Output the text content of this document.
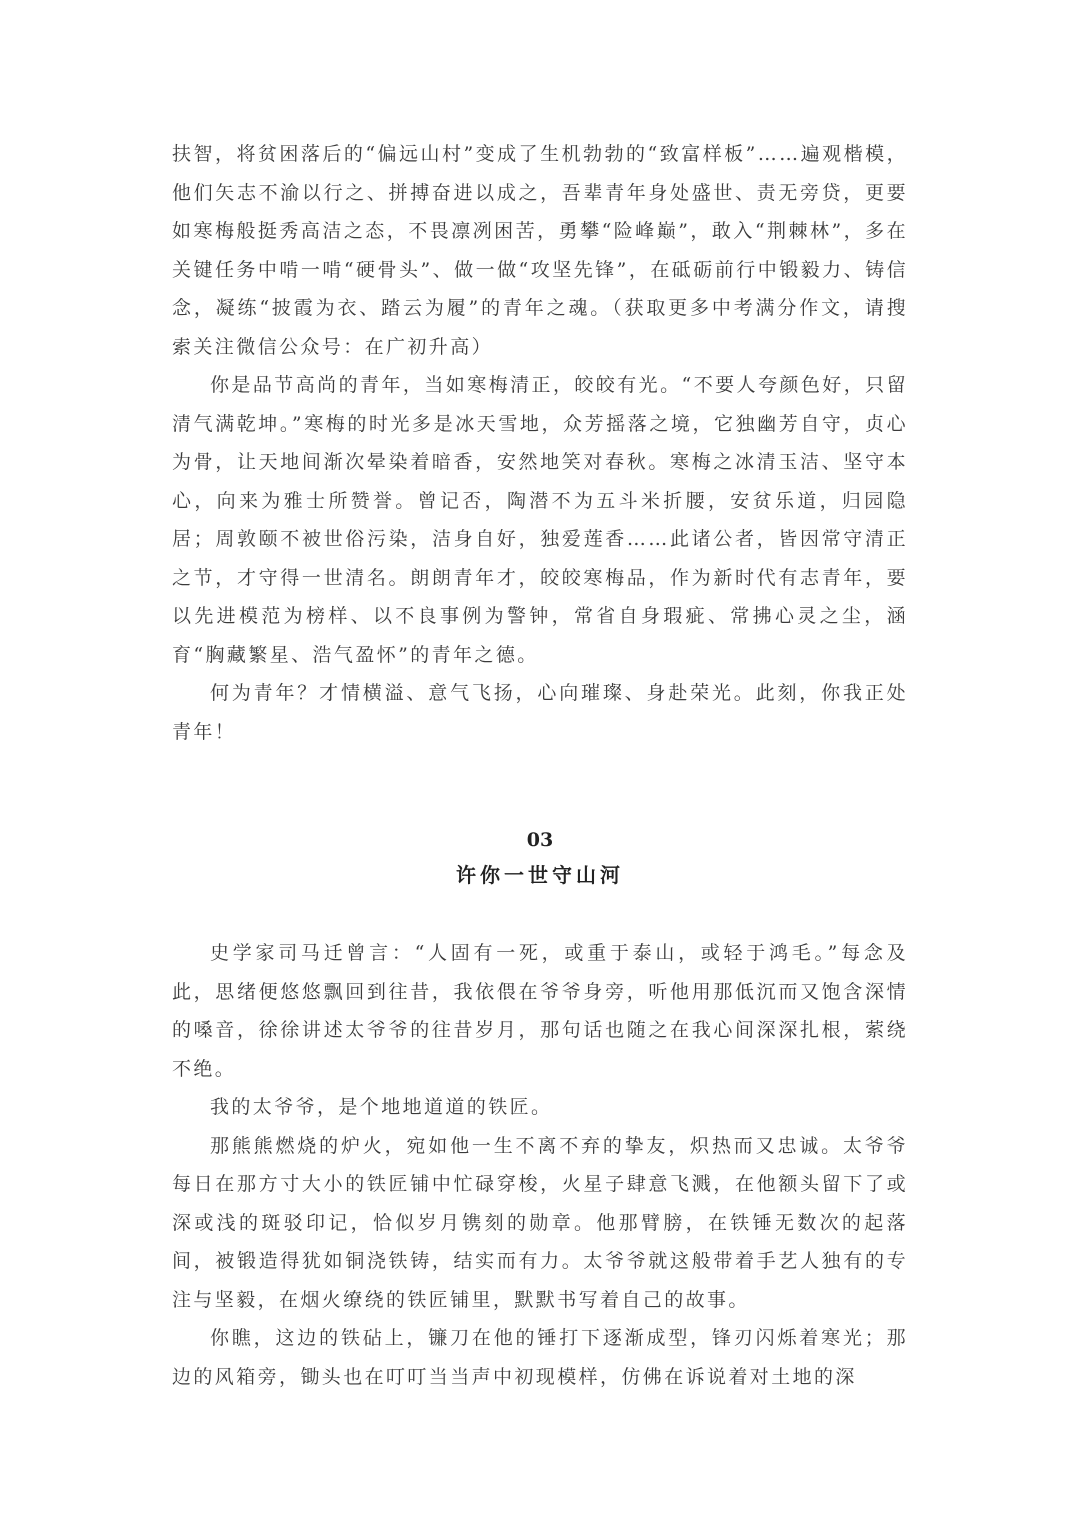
扶智，将贫困落后的“偏远山村”变成了生机勃勃的“致富样板”……遍观楷模，他们矢志不渝以行之、拼搏奋进以成之，吾辈青年身处盛世、责无旁贷，更要如寒梅般挺秀高洁之态，不畏凛冽困苦，勇攀“险峰巅”，敢入“荆棘林”，多在关键任务中啃一啃“硬骨头”、做一做“攻坚先锋”，在砥砺前行中锻毅力、铸信念，凝练“披霞为衣、踏云为履”的青年之魂。（获取更多中考满分作文，请搜索关注微信公众号：在广初升高）

你是品节高尚的青年，当如寒梅清正，皎皎有光。“不要人夸颜色好，只留清气满乾坤。”寒梅的时光多是冰天雪地，众芳摇落之境，它独幽芳自守，贞心为骨，让天地间渐次晕染着暗香，安然地笑对春秋。寒梅之冰清玉洁、坚守本心，向来为雅士所赞誉。曾记否，陶潜不为五斗米折腰，安贫乐道，归园隐居；周敦颐不被世俗污染，洁身自好，独爱莲香……此诸公者，皆因常守清正之节，才守得一世清名。朗朗青年才，皎皎寒梅品，作为新时代有志青年，要以先进模范为榜样、以不良事例为警钟，常省自身瑕疵、常拂心灵之尘，涵育“胸藏繁星、浩气盈怀”的青年之德。

何为青年？才情横溢、意气飞扬，心向璀璨、身赴荣光。此刻，你我正处青年！

03
许你一世守山河

史学家司马迁曾言：“人固有一死，或重于泰山，或轻于鸿毛。”每念及此，思绪便悠悠飘回到往昔，我依偎在爷爷身旁，听他用那低沉而又饱含深情的嗓音，徐徐讲述太爷爷的往昔岁月，那句话也随之在我心间深深扎根，萦绕不绝。

我的太爷爷，是个地地道道的铁匠。

那熊熊燃烧的炉火，宛如他一生不离不弃的挚友，炽热而又忠诚。太爷爷每日在那方寸大小的铁匠铺中忙碌穿梭，火星子肆意飞溅，在他额头留下了或深或浅的斑驳印记，恰似岁月镌刻的勋章。他那臂膀，在铁锤无数次的起落间，被锻造得犹如铜浇铁铸，结实而有力。太爷爷就这般带着手艺人独有的专注与坚毅，在烟火缭绕的铁匠铺里，默默书写着自己的故事。

你瞧，这边的铁砧上，镰刀在他的锤打下逐渐成型，锋刃闪烁着寒光；那边的风箱旁，锄头也在叮叮当当声中初现模样，仿佛在诉说着对土地的深
